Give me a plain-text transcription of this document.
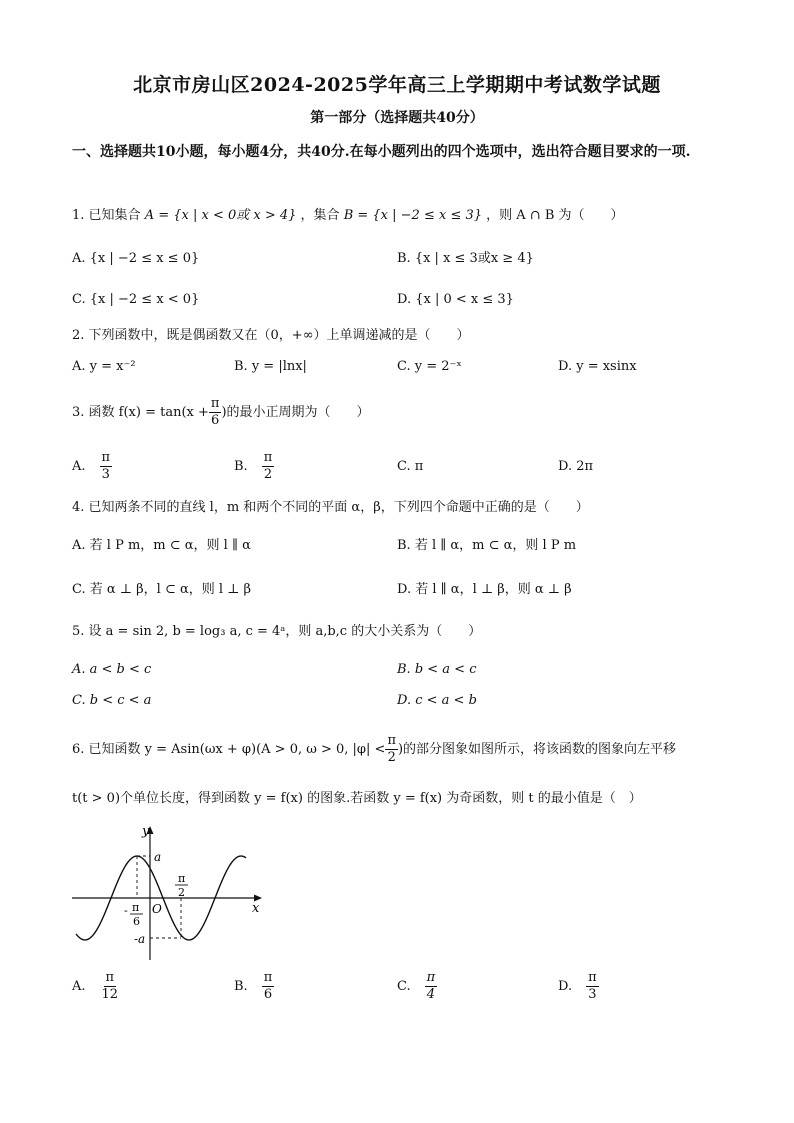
北京市房山区2024-2025学年高三上学期期中考试数学试题
第一部分（选择题共40分）
一、选择题共10小题，每小题4分，共40分.在每小题列出的四个选项中，选出符合题目要求的一项.
1. 已知集合 A = {x | x < 0或 x > 4} ，集合 B = {x | −2 ≤ x ≤ 3} ，则 A ∩ B 为（　　）
A. {x | −2 ≤ x ≤ 0}	B. {x | x ≤ 3或x ≥ 4}
C. {x | −2 ≤ x < 0}	D. {x | 0 < x ≤ 3}
2. 下列函数中，既是偶函数又在（0，+∞）上单调递减的是（　　）
A. y = x⁻²	B. y = |lnx|	C. y = 2⁻ˣ	D. y = xsinx
3. 函数 $f(x) = \tan(x + \frac{\pi}{6}$ )的最小正周期为（　　）
A. $\frac{\pi}{3}$	B. $\frac{\pi}{2}$	C. π	D. 2π
4. 已知两条不同的直线 l，m 和两个不同的平面 α，β，下列四个命题中正确的是（　　）
A. 若 l P m，m ⊂ α，则 l ∥ α	B. 若 l ∥ α，m ⊂ α，则 l P m
C. 若 α ⊥ β，l ⊂ α，则 l ⊥ β	D. 若 l ∥ α，l ⊥ β，则 α ⊥ β
5. 设 a = sin 2, b = log₃ a, c = 4ᵃ，则 a,b,c 的大小关系为（　　）
A. a < b < c	B. b < a < c
C. b < c < a	D. c < a < b
6. 已知函数 y = Asin(ωx + φ)(A > 0, ω > 0, $|\varphi| < \frac{\pi}{2}$ )的部分图象如图所示，将该函数的图象向左平移
t(t > 0)个单位长度，得到函数 y = f(x) 的图象.若函数 y = f(x) 为奇函数，则 t 的最小值是（　）
y
x
O
a
-a
π
2
- π
6
A. $\frac{\pi}{12}$	B. $\frac{\pi}{6}$	C. $\frac{\pi}{4}$	D. $\frac{\pi}{3}$
